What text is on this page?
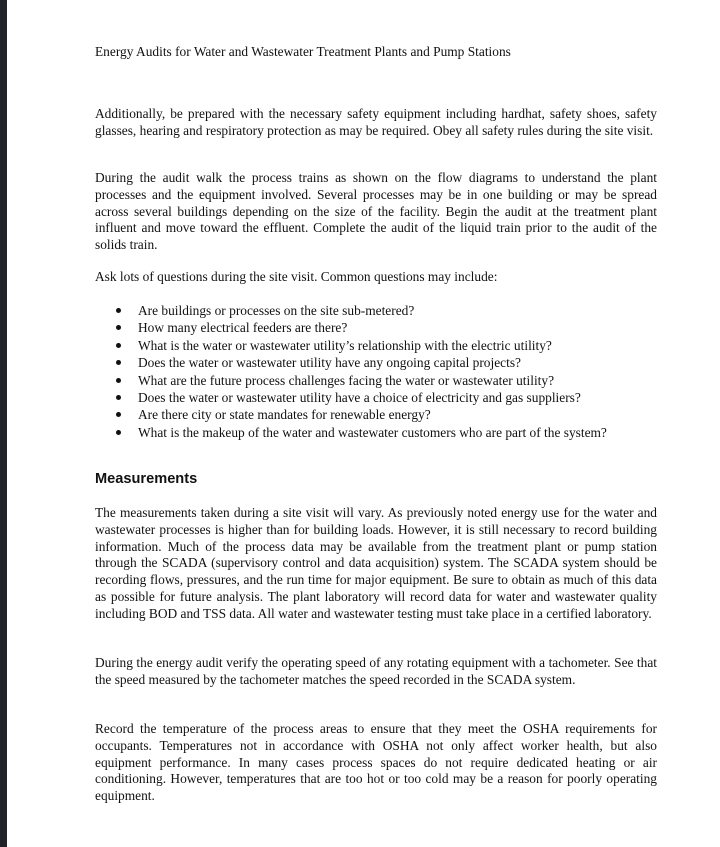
Energy Audits for Water and Wastewater Treatment Plants and Pump Stations

Additionally, be prepared with the necessary safety equipment including hardhat, safety shoes, safety glasses, hearing and respiratory protection as may be required. Obey all safety rules during the site visit.

During the audit walk the process trains as shown on the flow diagrams to understand the plant processes and the equipment involved. Several processes may be in one building or may be spread across several buildings depending on the size of the facility. Begin the audit at the treatment plant influent and move toward the effluent. Complete the audit of the liquid train prior to the audit of the solids train.

Ask lots of questions during the site visit. Common questions may include:

Are buildings or processes on the site sub-metered?
How many electrical feeders are there?
What is the water or wastewater utility’s relationship with the electric utility?
Does the water or wastewater utility have any ongoing capital projects?
What are the future process challenges facing the water or wastewater utility?
Does the water or wastewater utility have a choice of electricity and gas suppliers?
Are there city or state mandates for renewable energy?
What is the makeup of the water and wastewater customers who are part of the system?
Measurements

The measurements taken during a site visit will vary. As previously noted energy use for the water and wastewater processes is higher than for building loads. However, it is still necessary to record building information. Much of the process data may be available from the treatment plant or pump station through the SCADA (supervisory control and data acquisition) system. The SCADA system should be recording flows, pressures, and the run time for major equipment. Be sure to obtain as much of this data as possible for future analysis. The plant laboratory will record data for water and wastewater quality including BOD and TSS data. All water and wastewater testing must take place in a certified laboratory.

During the energy audit verify the operating speed of any rotating equipment with a tachometer. See that the speed measured by the tachometer matches the speed recorded in the SCADA system.

Record the temperature of the process areas to ensure that they meet the OSHA requirements for occupants. Temperatures not in accordance with OSHA not only affect worker health, but also equipment performance. In many cases process spaces do not require dedicated heating or air conditioning. However, temperatures that are too hot or too cold may be a reason for poorly operating equipment.
